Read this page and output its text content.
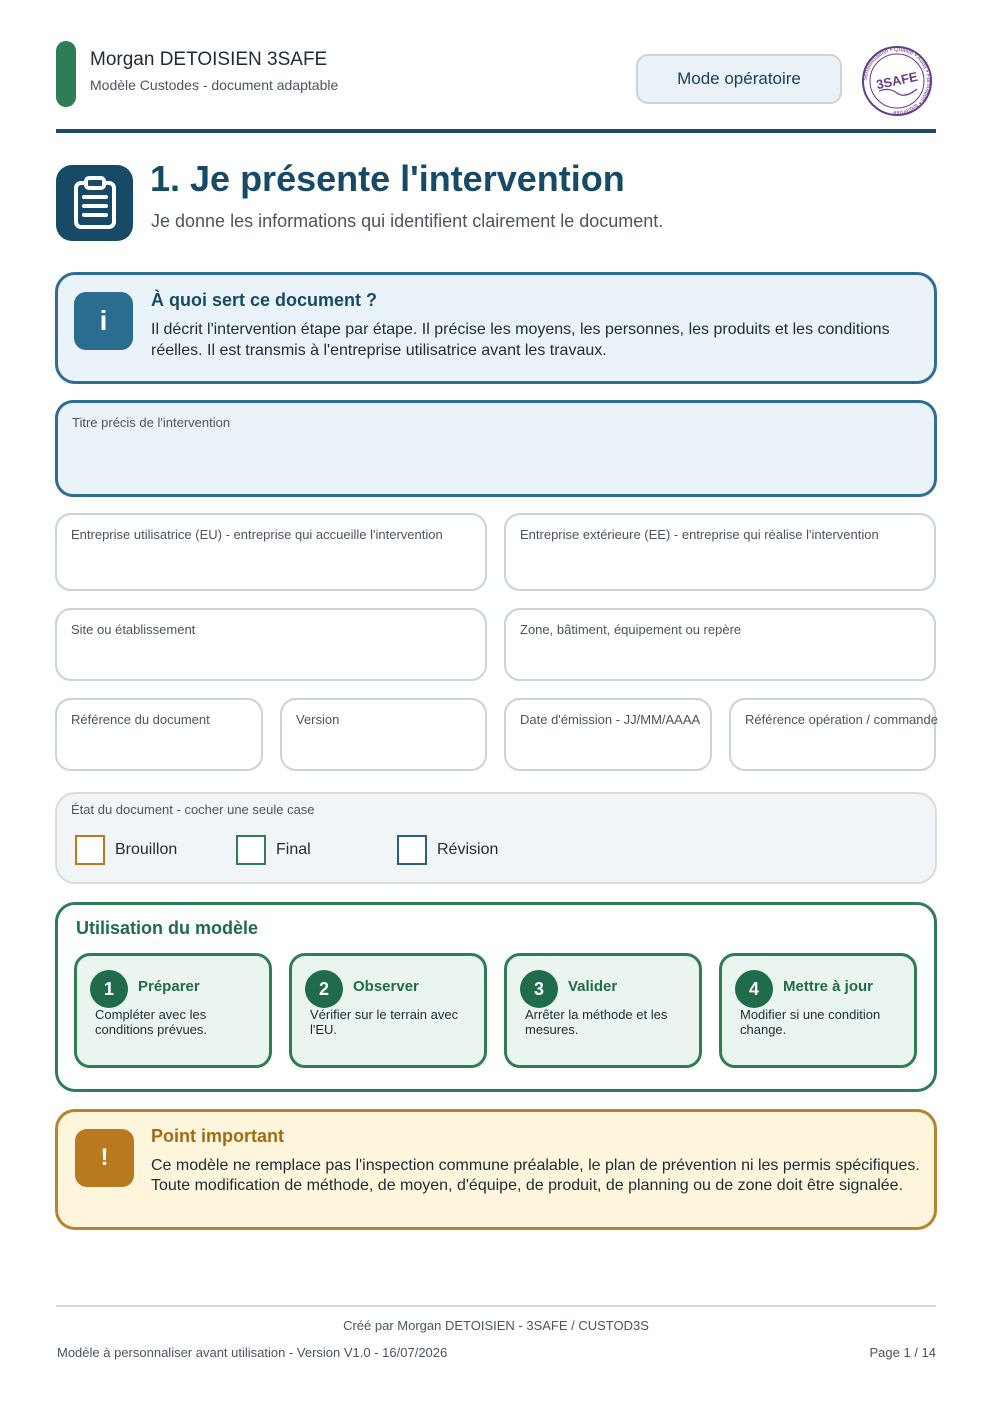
Morgan DETOISIEN 3SAFE
Modèle Custodes - document adaptable	Mode opératoire	Sensibilisation • Qualité • Audit • Formation • Expertise
3SAFE
1. Je présente l'intervention
Je donne les informations qui identifient clairement le document.
i
À quoi sert ce document ?
Il décrit l'intervention étape par étape. Il précise les moyens, les personnes, les produits et les conditions réelles. Il est transmis à l'entreprise utilisatrice avant les travaux.
Titre précis de l'intervention
Entreprise utilisatrice (EU) - entreprise qui accueille l'intervention	Entreprise extérieure (EE) - entreprise qui réalise l'intervention
Site ou établissement	Zone, bâtiment, équipement ou repère
Référence du document	Version	Date d'émission - JJ/MM/AAAA	Référence opération / commande
État du document - cocher une seule case
Brouillon	Final	Révision
Utilisation du modèle
1	Préparer
Compléter avec les conditions prévues.
2	Observer
Vérifier sur le terrain avec l'EU.
3	Valider
Arrêter la méthode et les mesures.
4	Mettre à jour
Modifier si une condition change.
!
Point important
Ce modèle ne remplace pas l'inspection commune préalable, le plan de prévention ni les permis spécifiques. Toute modification de méthode, de moyen, d'équipe, de produit, de planning ou de zone doit être signalée.
Créé par Morgan DETOISIEN - 3SAFE / CUSTOD3S
Modèle à personnaliser avant utilisation - Version V1.0 - 16/07/2026	Page 1 / 14
